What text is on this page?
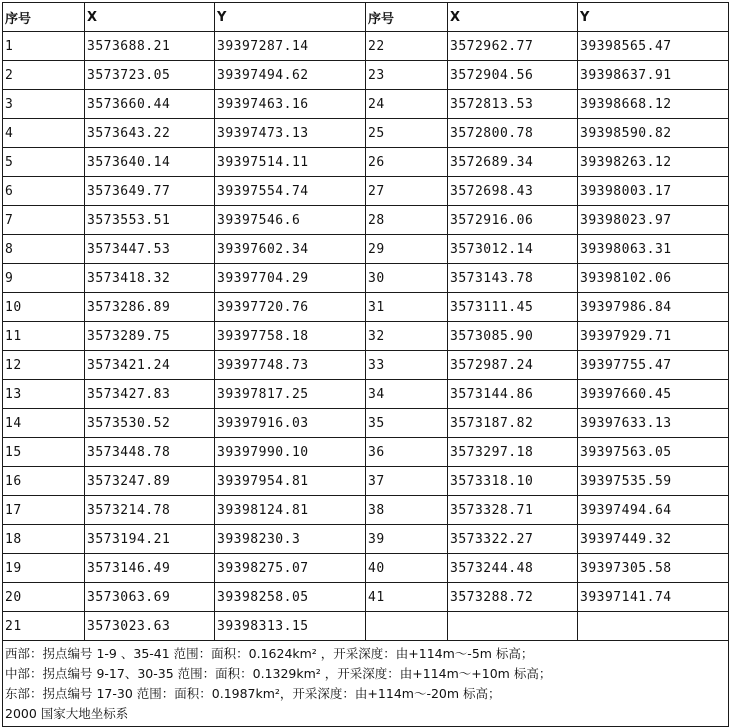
序号	X	Y	序号	X	Y
1	3573688.21	39397287.14	22	3572962.77	39398565.47
2	3573723.05	39397494.62	23	3572904.56	39398637.91
3	3573660.44	39397463.16	24	3572813.53	39398668.12
4	3573643.22	39397473.13	25	3572800.78	39398590.82
5	3573640.14	39397514.11	26	3572689.34	39398263.12
6	3573649.77	39397554.74	27	3572698.43	39398003.17
7	3573553.51	39397546.6	28	3572916.06	39398023.97
8	3573447.53	39397602.34	29	3573012.14	39398063.31
9	3573418.32	39397704.29	30	3573143.78	39398102.06
10	3573286.89	39397720.76	31	3573111.45	39397986.84
11	3573289.75	39397758.18	32	3573085.90	39397929.71
12	3573421.24	39397748.73	33	3572987.24	39397755.47
13	3573427.83	39397817.25	34	3573144.86	39397660.45
14	3573530.52	39397916.03	35	3573187.82	39397633.13
15	3573448.78	39397990.10	36	3573297.18	39397563.05
16	3573247.89	39397954.81	37	3573318.10	39397535.59
17	3573214.78	39398124.81	38	3573328.71	39397494.64
18	3573194.21	39398230.3	39	3573322.27	39397449.32
19	3573146.49	39398275.07	40	3573244.48	39397305.58
20	3573063.69	39398258.05	41	3573288.72	39397141.74
21	3573023.63	39398313.15			

西部：拐点编号 1-9 、35-41 范围：面积：0.1624km² ，开采深度：由+114m～-5m 标高；
中部：拐点编号 9-17、30-35 范围：面积：0.1329km² ，开采深度：由+114m～+10m 标高；
东部：拐点编号 17-30 范围：面积：0.1987km²，开采深度：由+114m～-20m 标高；
2000 国家大地坐标系					
